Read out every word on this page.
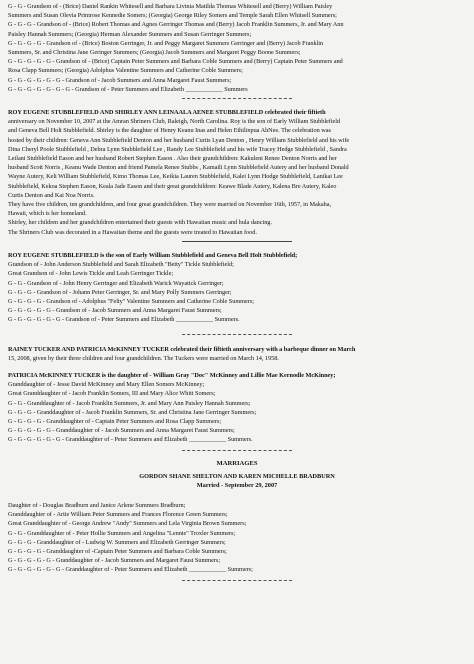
G - G - Grandson of - (Brice) Daniel Rankin Whitesell and Barbara Livinia Matilda Thomas Whitesell and (Berry) William Paisley
Summers and Susan Olevia Primrose Kennedie Somers; (Georgia) George Riley Somers and Temple Sarah Ellen Whitsell Summers;
G - G - G - Grandson of - (Brice) Robert Thomas and Agnes Gerringer Thomas and (Berry) Jacob Franklin Summers, Jr. and Mary Ann
Paisley Hannah Summers; (Georgia) Herman Alexander Summers and Susan Gerringer Summers;
G - G - G - G - Grandson of - (Brice) Boston Gerringer, Jr. and Peggy Margaret Summers Gerringer and (Berry) Jacob Franklin
Summers, Sr. and Christina Jane Geringer Summers; (Georgia) Jacob Summers and Margaret Peggy Boone Summers;
G - G - G - G - G - Grandson of - (Brice) Captain Peter Summers and Barbara Coble Summers and (Berry) Captain Peter Summers and
Rosa Clapp Summers; (Georgia) Adolphus Valentine Summers and Catherine Coble Summers;
G - G - G - G - G - G - Grandson of - Jacob Summers and Anna Margaret Faust Summers;
G - G - G - G - G - G - G - Grandson of - Peter Summers and Elizabeth ____________ Summers
ROY EUGENE STUBBLEFIELD AND SHIRLEY ANN LEINAALA AENEE STUBBLEFIELD celebrated their fiftieth
anniversary on November 10, 2007 at the Amran Shriners Club, Raleigh, North Carolina. Roy is the son of Early William Stubblefield
and Geneva Bell Holt Stubblefield. Shirley is the daughter of Henry Keanu Inas and Helen Ethilinpua AhNee. The celebration was
hosted by their children: Geneva Ann Stubblefield Denton and her husband Curtis Lyan Denton , Henry William Stubblefield and his wife
Dina Cheryl Poole Stubblefield , Debra Lynn Stubblefield Lee , Randy Lee Stubblefield and his wife Tracey Hedge Stubblefield , Sandra
Leilani Stubblefield Eason and her husband Robert Stephen Eason . Also their grandchildren: Kakuleni Renee Denton Norris and her
husband Scott Norris , Keanu Wade Denton and friend Pamela Renee Stubbs , Kamaili Lynn Stubblefield Autery and her husband Donald
Wayne Autery, Keli William Stubblefield, Kimo Thomas Lee, Keikia Lauren Stubblefield, Kalei Lynn Hodge Stubblefield, Lanikai Lee
Stubblefield, Kekoa Stephen Eason, Keala Jade Eason and their great grandchildren: Keawe Blade Autery, Kalena Bre Autery, Kaleo
Curtis Denton and Kai Noa Norris.
They have five children, ten grandchildren, and four great grandchildren. They were married on November 16th, 1957, in Makaha,
Hawaii, which is her homeland.
Shirley, her children and her grandchildren entertained their guests with Hawaiian music and hula dancing.
The Shriners Club was decorated in a Hawaiian theme and the guests were treated to Hawaiian food.
ROY EUGENE STUBBLEFIELD is the son of Early William Stubblefield and Geneva Bell Holt Stubblefield;
Grandson of - John Anderson Stubblefield and Sarah Elizabeth "Betty" Tickle Stubblefield;
Great Grandson of - John Lewis Tickle and Leah Gerringer Tickle;
G - G - Grandson of - John Henry Gerringer and Elizabeth Warick Wayatick Gerringer;
G - G - G - Grandson of - Johann Peter Gerringer, Sr. and Mary Polly Summers Gerringer;
G - G - G - G - Grandson of - Adolphus "Felty" Valentine Summers and Catherine Coble Summers;
G - G - G - G - G - Grandson of - Jacob Summers and Anna Margaret Faust Summers;
G - G - G - G - G - G - Grandson of - Peter Summers and Elizabeth ____________ Summers.
RAINEY TUCKER AND PATRICIA McKINNEY TUCKER celebrated their fiftieth anniversary with a barbeque dinner on March
15, 2008, given by their three children and four grandchildren. The Tuckers were married on March 14, 1958.
PATRICIA McKINNEY TUCKER is the daughter of - William Gray "Doc" McKinney and Lillie Mae Kernodle McKinney;
Granddaughter of - Jesse David McKinney and Mary Ellen Somers McKinney;
Great Granddaughter of - Jacob Franklin Somers, III and Mary Alice Whitt Somers;
G - G - Granddaughter of - Jacob Franklin Summers, Jr. and Mary Ann Paisley Hannah Summers;
G - G - G - Granddaughter of - Jacob Franklin Summers, Sr. and Christina Jane Gerringer Summers;
G - G - G - G - Granddaughter of - Captain Peter Summers and Rosa Clapp Summers;
G - G - G - G - G - Granddaughter of - Jacob Summers and Anna Margaret Faust Summers;
G - G - G - G - G - G - Granddaughter of - Peter Summers and Elizabeth ____________ Summers.
MARRIAGES
GORDON SHANE SHELTON AND KAREN MICHELLE BRADBURN
Married - September 29, 2007
Daughter of - Douglas Bradburn and Janice Arlene Summers Bradburn;
Granddaughter of - Artie William Peter Summers and Frances Florence Green Summers;
Great Granddaughter of - George Andrew "Andy" Summers and Lela Virginia Brown Summers;
G - G - Granddaughter of - Peter Hollie Summers and Angelina "Lennie" Troxler Summers;
G - G - G - Granddaughter of - Ludwig W. Summers and Elizabeth Gerringer Summers;
G - G - G - G - Granddaughter of -Captain Peter Summers and Barbara Coble Summers;
G - G - G - G - G - Granddaughter of - Jacob Summers and Margaret Faust Summers;
G - G - G - G - G - G - Granddaughter of - Peter Summers and Elizabeth ____________ Summers;
